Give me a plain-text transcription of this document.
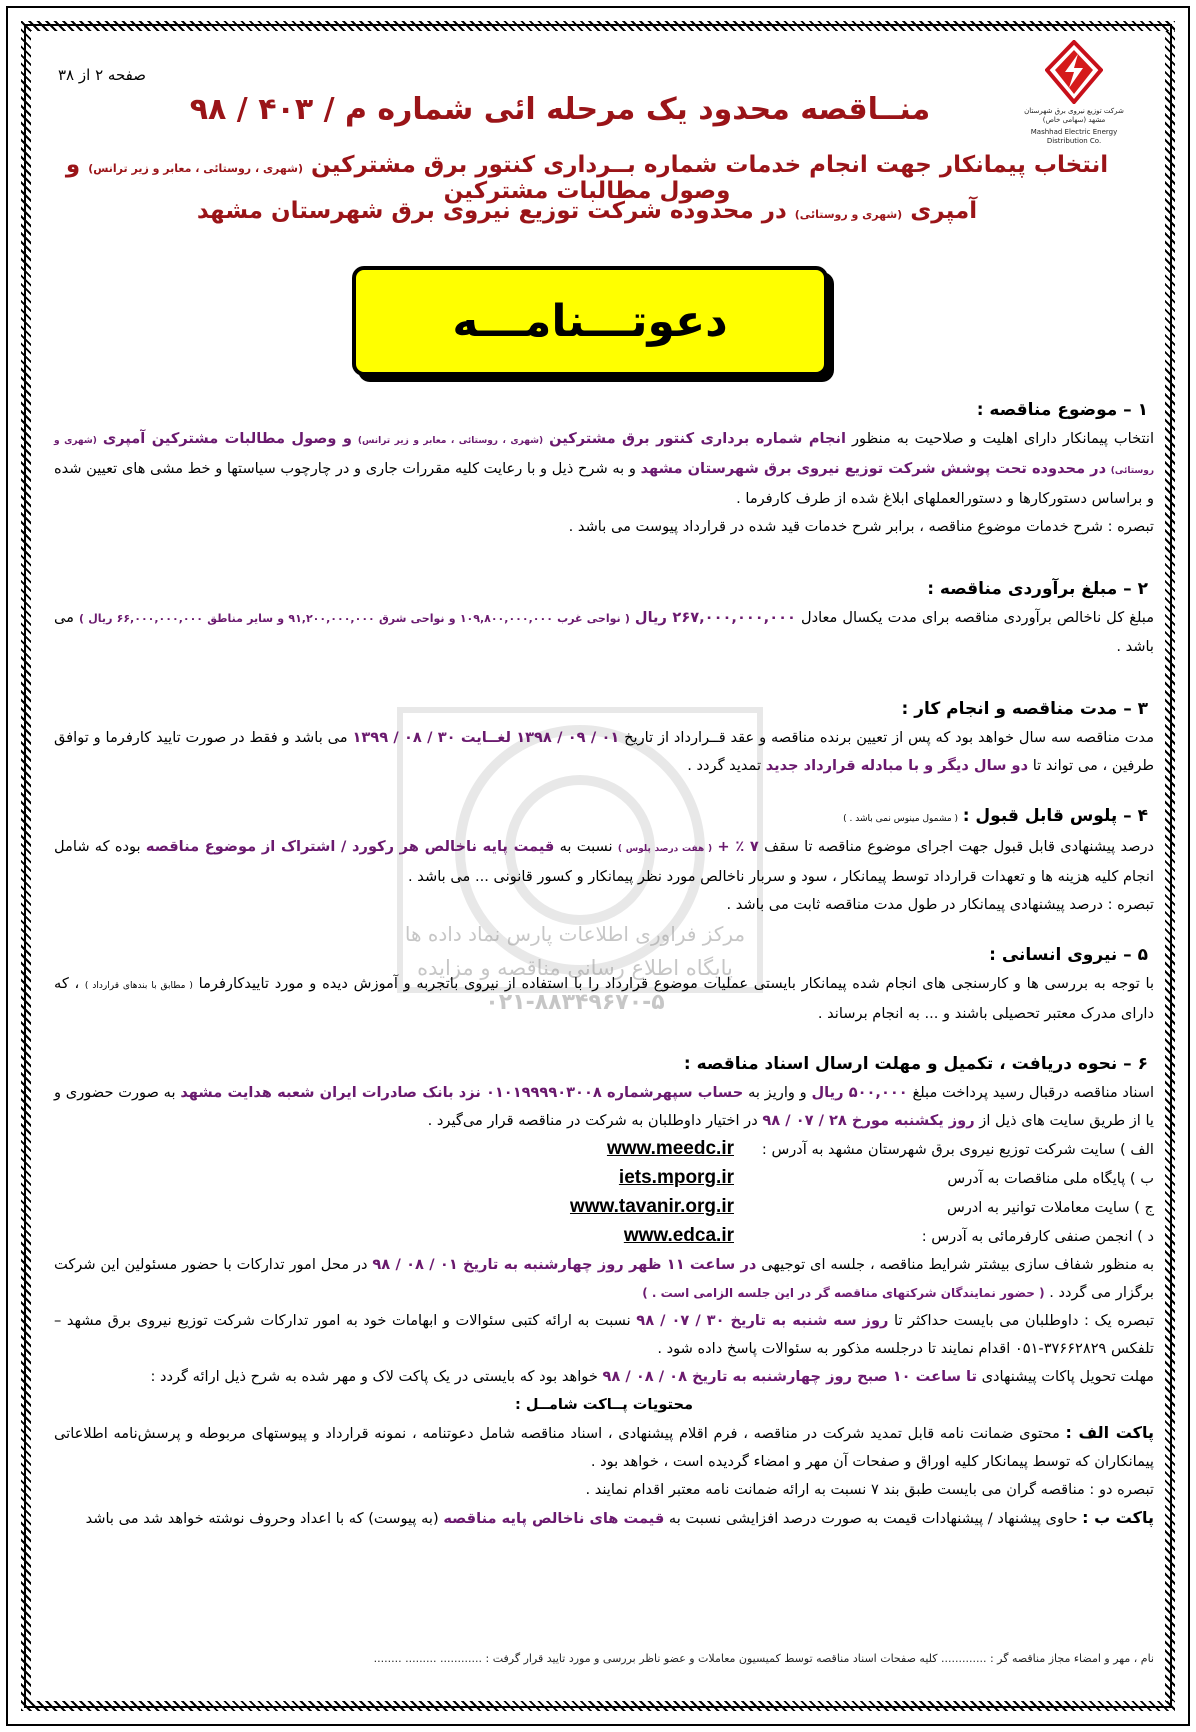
صفحه ۲ از ۳۸
شرکت توزیع نیروی برق شهرستان مشهد (سهامی خاص)
Mashhad Electric Energy Distribution Co.
منــاقصه محدود یک مرحله ائی شماره م / ۴۰۳ / ۹۸
انتخاب پیمانکار جهت انجام خدمات شماره بــرداری کنتور برق مشترکین (شهری ، روستائی ، معابر و زیر ترانس) و وصول مطالبات مشترکین
آمپری (شهری و روستائی) در محدوده شرکت توزیع نیروی برق شهرستان مشهد
دعوتـــنامـــه
مرکز فراوری اطلاعات پارس نماد داده ها
پایگاه اطلاع رسانی مناقصه و مزایده
۰۲۱-۸۸۳۴۹۶۷۰-۵
۱ – موضوع مناقصه :
انتخاب پیمانکار دارای اهلیت و صلاحیت به منظور انجام شماره برداری کنتور برق مشترکین (شهری ، روستائی ، معابر و زیر ترانس) و وصول مطالبات مشترکین آمپری (شهری و روستائی) در محدوده تحت پوشش شرکت توزیع نیروی برق شهرستان مشهد و به شرح ذیل و با رعایت کلیه مقررات جاری و در چارچوب سیاستها و خط مشی های تعیین شده و براساس دستورکارها و دستورالعملهای ابلاغ شده از طرف کارفرما .
تبصره : شرح خدمات موضوع مناقصه ، برابر شرح خدمات قید شده در قرارداد پیوست می باشد .
۲ – مبلغ برآوردی مناقصه :
مبلغ کل ناخالص برآوردی مناقصه برای مدت یکسال معادل ۲۶۷,۰۰۰,۰۰۰,۰۰۰ ریال ( نواحی غرب ۱۰۹,۸۰۰,۰۰۰,۰۰۰ و نواحی شرق ۹۱,۲۰۰,۰۰۰,۰۰۰ و سایر مناطق ۶۶,۰۰۰,۰۰۰,۰۰۰ ریال ) می باشد .
۳ – مدت مناقصه و انجام کار :
مدت مناقصه سه سال خواهد بود که پس از تعیین برنده مناقصه و عقد قــرارداد از تاریخ ۰۱ / ۰۹ / ۱۳۹۸ لغــایت ۳۰ / ۰۸ / ۱۳۹۹ می باشد و فقط در صورت تایید کارفرما و توافق طرفین ، می تواند تا دو سال دیگر و با مبادله قرارداد جدید تمدید گردد .
۴ – پلوس قابل قبول : ( مشمول مینوس نمی باشد . )
درصد پیشنهادی قابل قبول جهت اجرای موضوع مناقصه تا سقف ۷ ٪ + ( هفت درصد پلوس ) نسبت به قیمت پایه ناخالص هر رکورد / اشتراک از موضوع مناقصه بوده که شامل انجام کلیه هزینه ها و تعهدات قرارداد توسط پیمانکار ، سود و سربار ناخالص مورد نظر پیمانکار و کسور قانونی ... می باشد .
تبصره : درصد پیشنهادی پیمانکار در طول مدت مناقصه ثابت می باشد .
۵ – نیروی انسانی :
با توجه به بررسی ها و کارسنجی های انجام شده پیمانکار بایستی عملیات موضوع قرارداد را با استفاده از نیروی باتجربه و آموزش دیده و مورد تاییدکارفرما ( مطابق با بندهای قرارداد ) ، که دارای مدرک معتبر تحصیلی باشند و ... به انجام برساند .
۶ – نحوه دریافت ، تکمیل و مهلت ارسال اسناد مناقصه :
اسناد مناقصه درقبال رسید پرداخت مبلغ ۵۰۰,۰۰۰ ریال و واریز به حساب سپهرشماره ۰۱۰۱۹۹۹۹۰۳۰۰۸ نزد بانک صادرات ایران شعبه هدایت مشهد به صورت حضوری و یا از طریق سایت های ذیل از روز یکشنبه مورخ ۲۸ / ۰۷ / ۹۸ در اختیار داوطلبان به شرکت در مناقصه قرار می‌گیرد .
الف ) سایت شرکت توزیع نیروی برق شهرستان مشهد به آدرس :
www.meedc.ir
ب ) پایگاه ملی مناقصات به آدرس
iets.mporg.ir
ج ) سایت معاملات توانیر به ادرس
www.tavanir.org.ir
د ) انجمن صنفی کارفرمائی به آدرس :
www.edca.ir
به منظور شفاف سازی بیشتر شرایط مناقصه ، جلسه ای توجیهی در ساعت ۱۱ ظهر روز چهارشنبه به تاریخ ۰۱ / ۰۸ / ۹۸ در محل امور تدارکات با حضور مسئولین این شرکت برگزار می گردد . ( حضور نمایندگان شرکتهای مناقصه گر در این جلسه الزامی است . )
تبصره یک : داوطلبان می بایست حداکثر تا روز سه شنبه به تاریخ ۳۰ / ۰۷ / ۹۸ نسبت به ارائه کتبی سئوالات و ابهامات خود به امور تدارکات شرکت توزیع نیروی برق مشهد – تلفکس ۳۷۶۶۲۸۲۹-۰۵۱ اقدام نمایند تا درجلسه مذکور به سئوالات پاسخ داده شود .
مهلت تحویل پاکات پیشنهادی تا ساعت ۱۰ صبح روز چهارشنبه به تاریخ ۰۸ / ۰۸ / ۹۸ خواهد بود که بایستی در یک پاکت لاک و مهر شده به شرح ذیل ارائه گردد :
محتویات پــاکت شامــل :
پاکت الف : محتوی ضمانت نامه قابل تمدید شرکت در مناقصه ، فرم اقلام پیشنهادی ، اسناد مناقصه شامل دعوتنامه ، نمونه قرارداد و پیوستهای مربوطه و پرسش‌نامه اطلاعاتی پیمانکاران که توسط پیمانکار کلیه اوراق و صفحات آن مهر و امضاء گردیده است ، خواهد بود .
تبصره دو : مناقصه گران می بایست طبق بند ۷ نسبت به ارائه ضمانت نامه معتبر اقدام نمایند .
پاکت ب : حاوی پیشنهاد / پیشنهادات قیمت به صورت درصد افزایشی نسبت به قیمت های ناخالص پایه مناقصه (به پیوست) که با اعداد وحروف نوشته خواهد شد می باشد
نام ، مهر و امضاء مجاز مناقصه گر : ............. کلیه صفحات اسناد مناقصه توسط کمیسیون معاملات و عضو ناظر بررسی و مورد تایید قرار گرفت : ............ ......... ........
